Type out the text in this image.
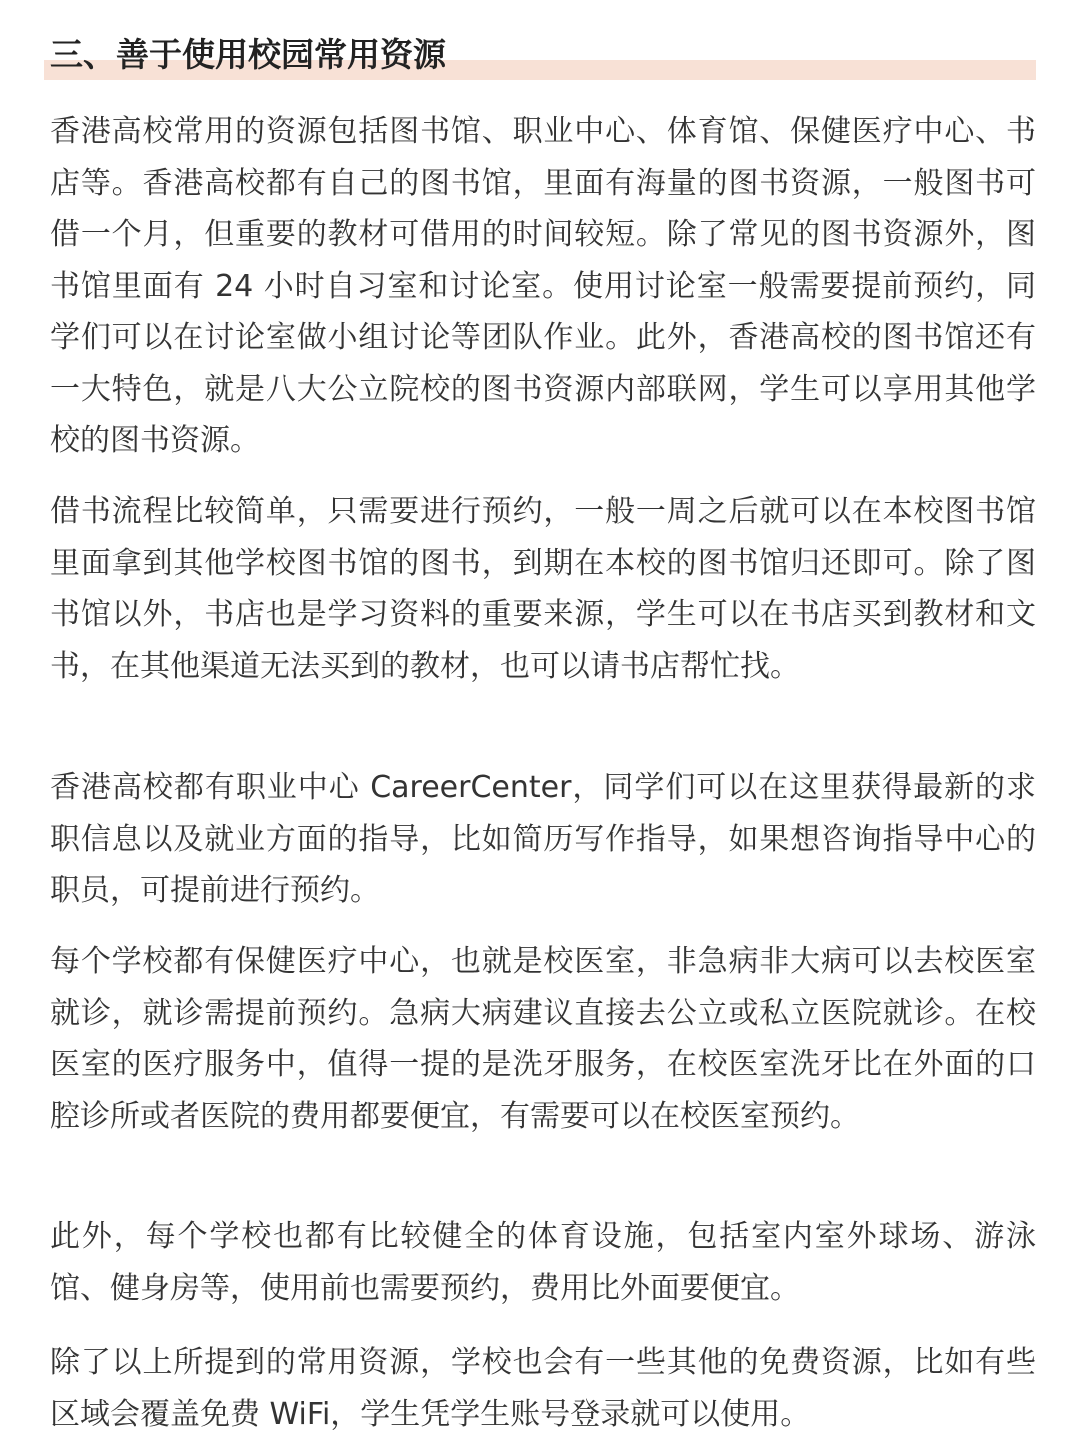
三、善于使用校园常用资源

香港高校常用的资源包括图书馆、职业中心、体育馆、保健医疗中心、书店等。香港高校都有自己的图书馆，里面有海量的图书资源，一般图书可借一个月，但重要的教材可借用的时间较短。除了常见的图书资源外，图书馆里面有 24 小时自习室和讨论室。使用讨论室一般需要提前预约，同学们可以在讨论室做小组讨论等团队作业。此外，香港高校的图书馆还有一大特色，就是八大公立院校的图书资源内部联网，学生可以享用其他学校的图书资源。

借书流程比较简单，只需要进行预约，一般一周之后就可以在本校图书馆里面拿到其他学校图书馆的图书，到期在本校的图书馆归还即可。除了图书馆以外，书店也是学习资料的重要来源，学生可以在书店买到教材和文书，在其他渠道无法买到的教材，也可以请书店帮忙找。

香港高校都有职业中心 CareerCenter，同学们可以在这里获得最新的求职信息以及就业方面的指导，比如简历写作指导，如果想咨询指导中心的职员，可提前进行预约。

每个学校都有保健医疗中心，也就是校医室，非急病非大病可以去校医室就诊，就诊需提前预约。急病大病建议直接去公立或私立医院就诊。在校医室的医疗服务中，值得一提的是洗牙服务，在校医室洗牙比在外面的口腔诊所或者医院的费用都要便宜，有需要可以在校医室预约。

此外，每个学校也都有比较健全的体育设施，包括室内室外球场、游泳馆、健身房等，使用前也需要预约，费用比外面要便宜。

除了以上所提到的常用资源，学校也会有一些其他的免费资源，比如有些区域会覆盖免费 WiFi，学生凭学生账号登录就可以使用。
